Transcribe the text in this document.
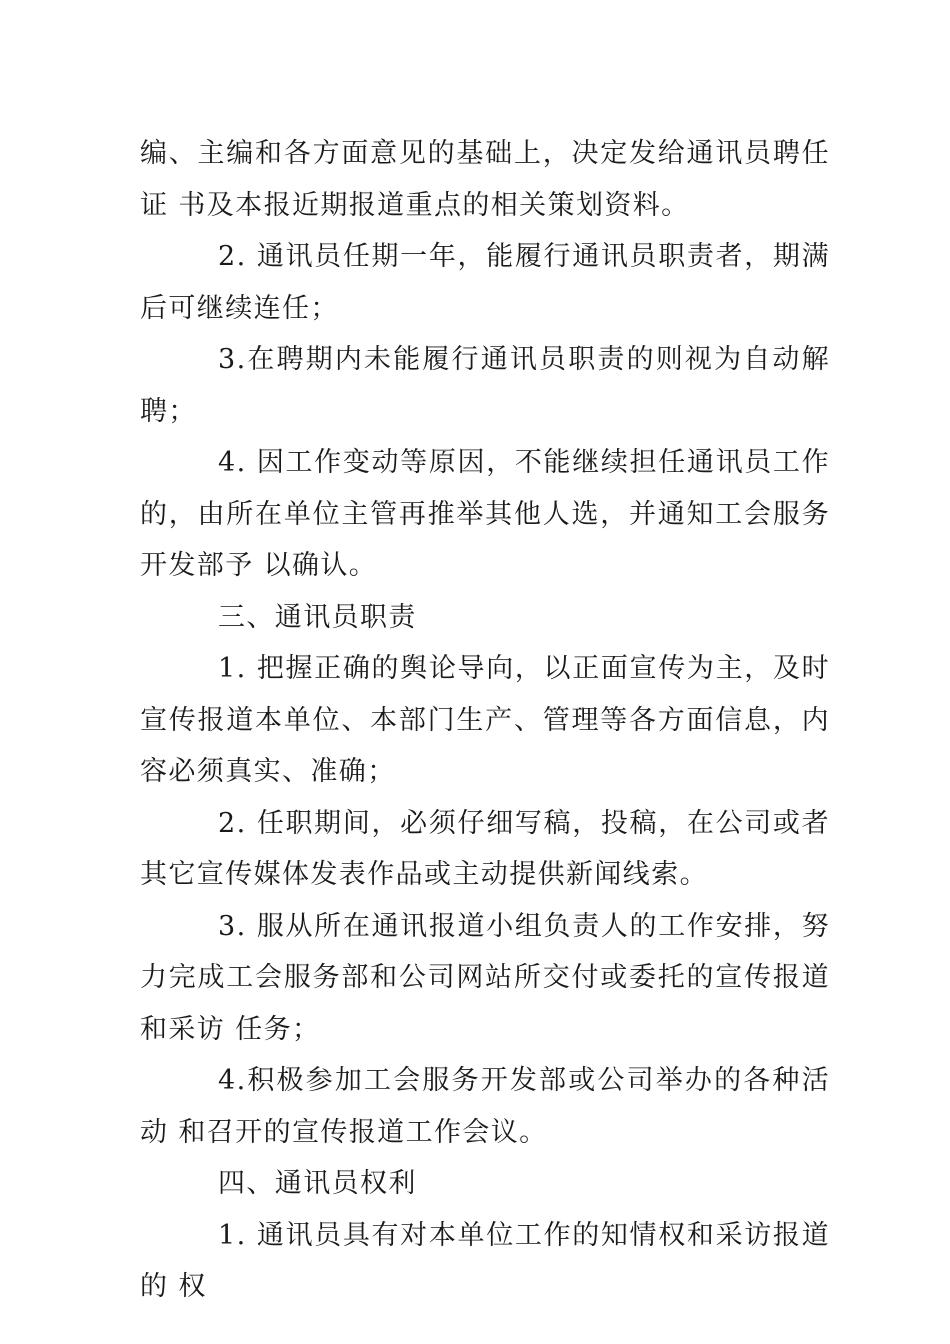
编、主编和各方面意见的基础上，决定发给通讯员聘任证 书及本报近期报道重点的相关策划资料。

2. 通讯员任期一年，能履行通讯员职责者，期满后可继续连任；

3.在聘期内未能履行通讯员职责的则视为自动解聘；

4. 因工作变动等原因，不能继续担任通讯员工作的，由所在单位主管再推举其他人选，并通知工会服务开发部予 以确认。

三、通讯员职责

1. 把握正确的舆论导向，以正面宣传为主，及时宣传报道本单位、本部门生产、管理等各方面信息，内容必须真实、准确；

2. 任职期间，必须仔细写稿，投稿，在公司或者其它宣传媒体发表作品或主动提供新闻线索。

3. 服从所在通讯报道小组负责人的工作安排，努力完成工会服务部和公司网站所交付或委托的宣传报道和采访 任务；

4.积极参加工会服务开发部或公司举办的各种活动 和召开的宣传报道工作会议。

四、通讯员权利

1. 通讯员具有对本单位工作的知情权和采访报道的 权
